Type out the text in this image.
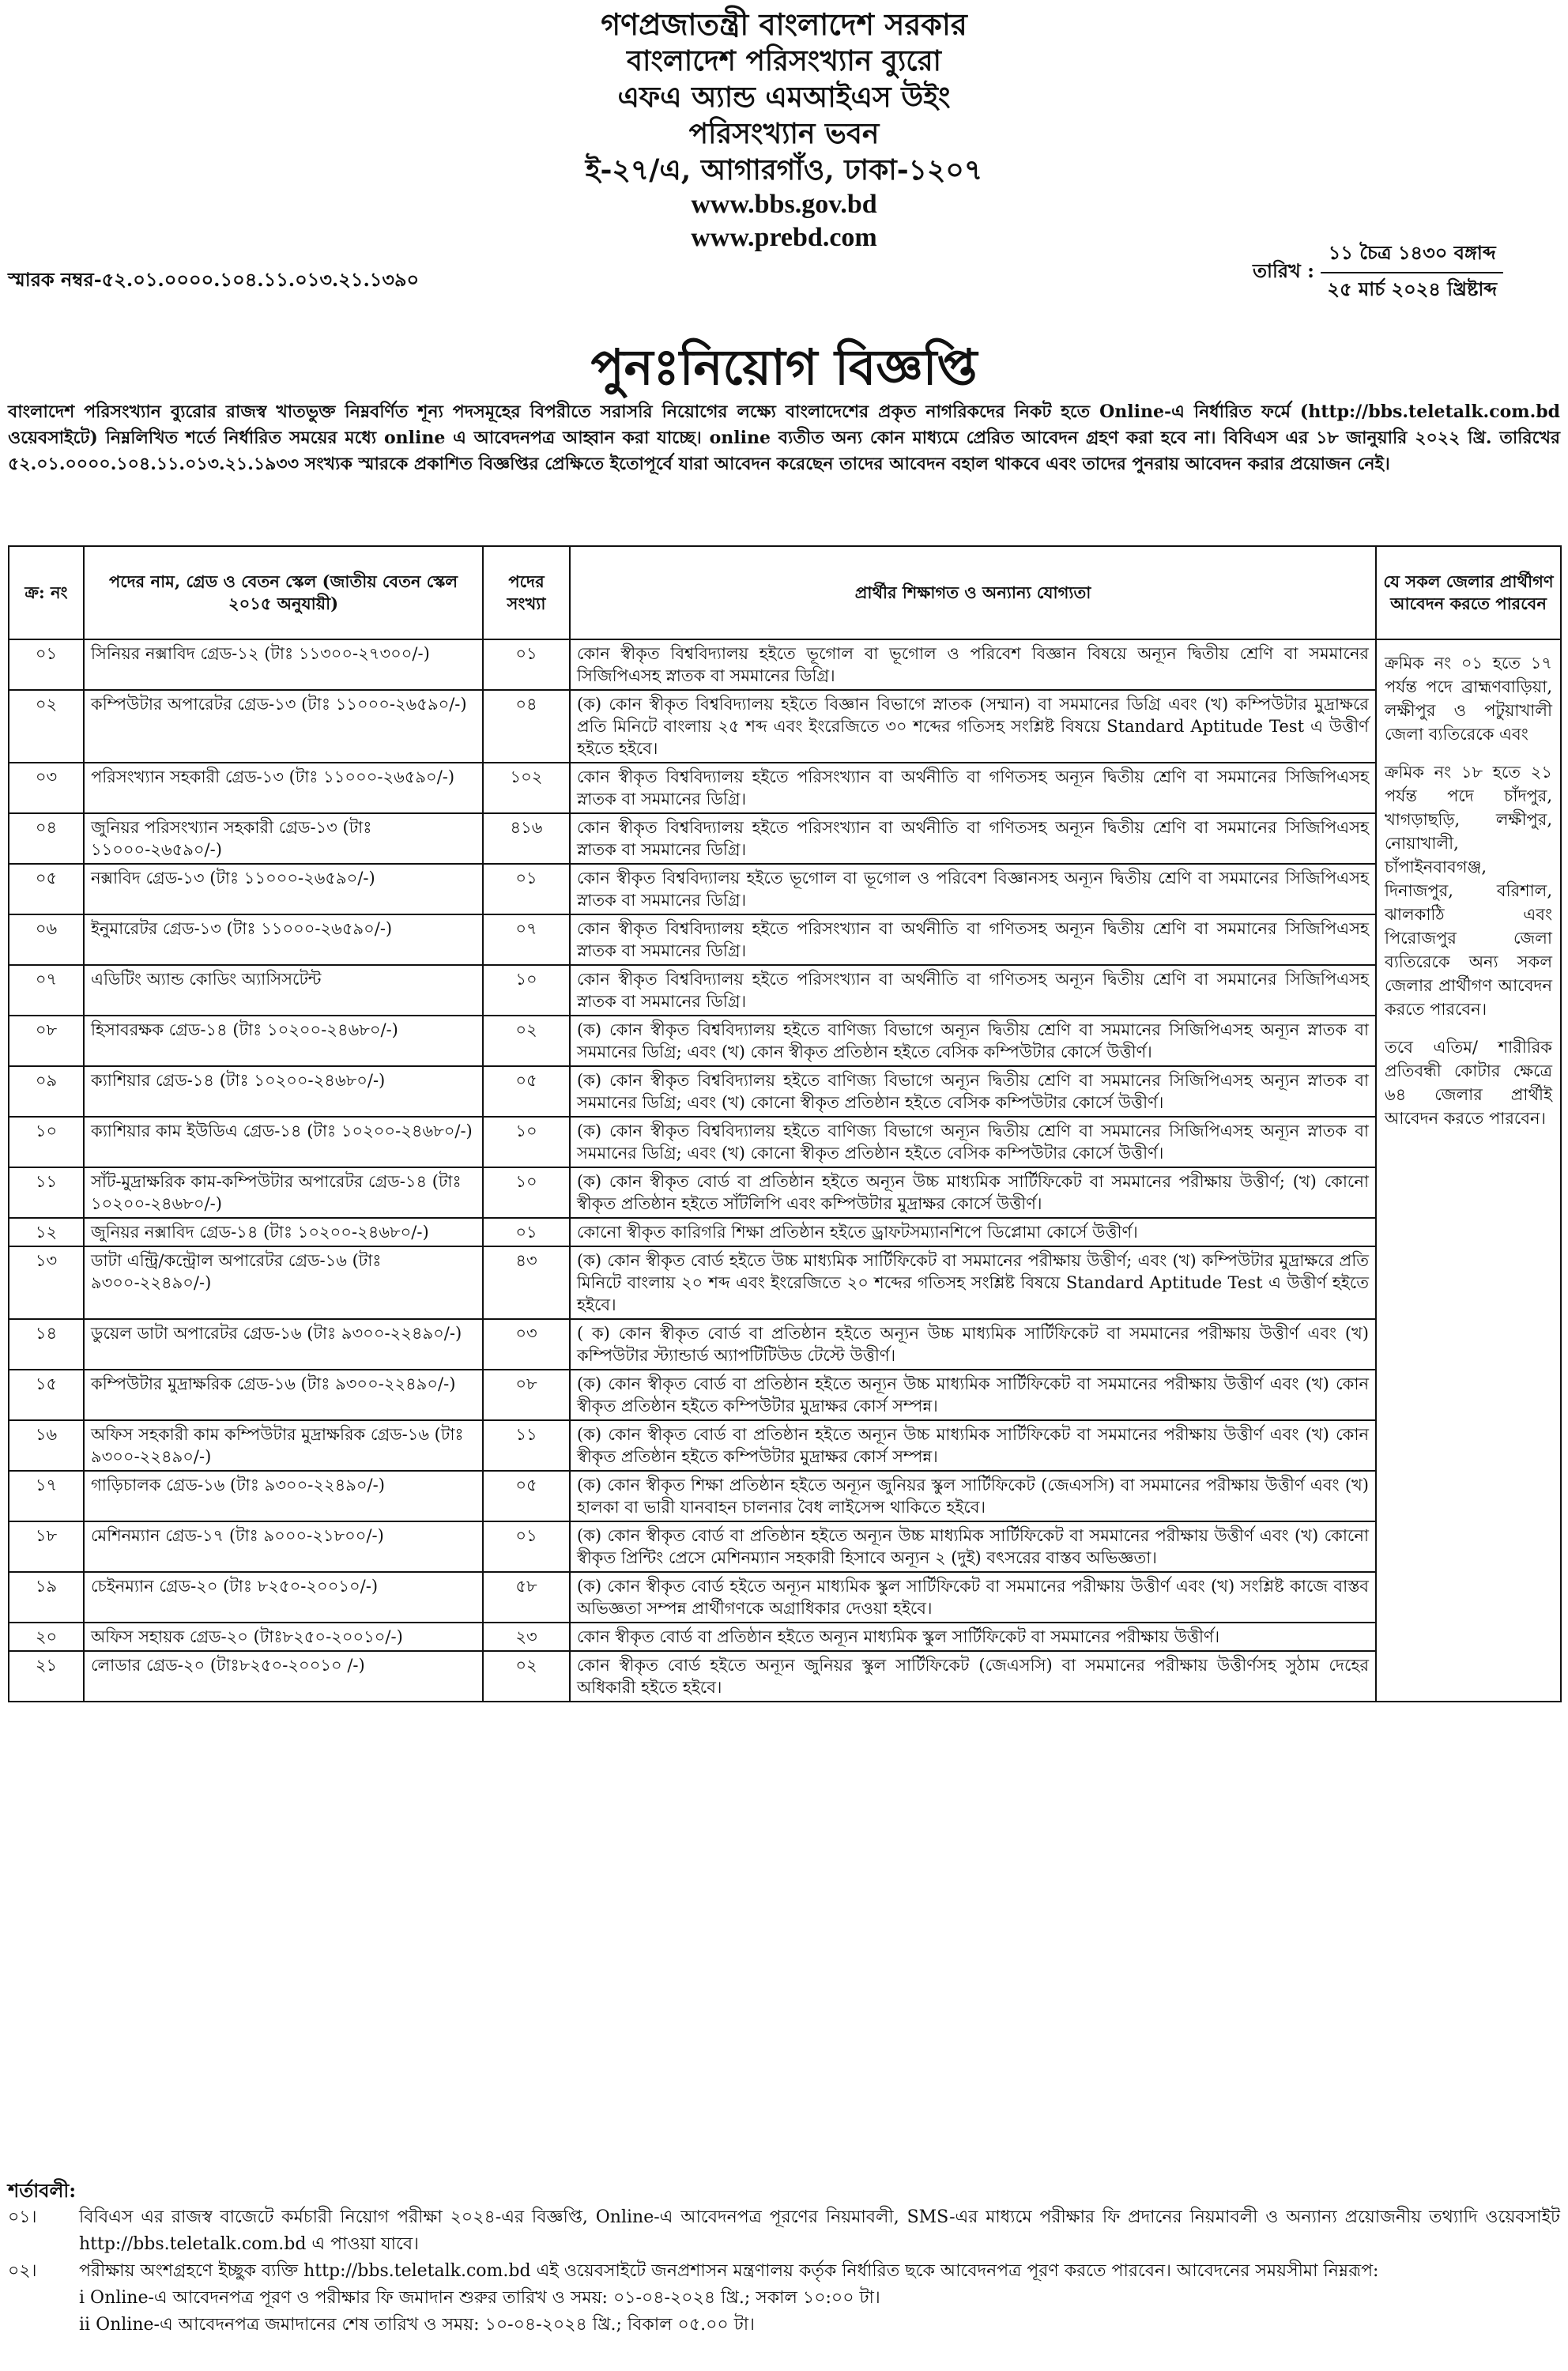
গণপ্রজাতন্ত্রী বাংলাদেশ সরকার
বাংলাদেশ পরিসংখ্যান ব্যুরো
এফএ অ্যান্ড এমআইএস উইং
পরিসংখ্যান ভবন
ই-২৭/এ, আগারগাঁও, ঢাকা-১২০৭
www.bbs.gov.bd
www.prebd.com
স্মারক নম্বর-৫২.০১.০০০০.১০৪.১১.০১৩.২১.১৩৯০	তারিখ :
১১ চৈত্র ১৪৩০ বঙ্গাব্দ
২৫ মার্চ ২০২৪ খ্রিষ্টাব্দ
পুনঃনিয়োগ বিজ্ঞপ্তি
বাংলাদেশ পরিসংখ্যান ব্যুরোর রাজস্ব খাতভুক্ত নিম্নবর্ণিত শূন্য পদসমূহের বিপরীতে সরাসরি নিয়োগের লক্ষ্যে বাংলাদেশের প্রকৃত নাগরিকদের নিকট হতে Online-এ নির্ধারিত ফর্মে (http://bbs.teletalk.com.bd ওয়েবসাইটে) নিম্নলিখিত শর্তে নির্ধারিত সময়ের মধ্যে online এ আবেদনপত্র আহ্বান করা যাচ্ছে। online ব্যতীত অন্য কোন মাধ্যমে প্রেরিত আবেদন গ্রহণ করা হবে না। বিবিএস এর ১৮ জানুয়ারি ২০২২ খ্রি. তারিখের ৫২.০১.০০০০.১০৪.১১.০১৩.২১.১৯৩৩ সংখ্যক স্মারকে প্রকাশিত বিজ্ঞপ্তির প্রেক্ষিতে ইতোপূর্বে যারা আবেদন করেছেন তাদের আবেদন বহাল থাকবে এবং তাদের পুনরায় আবেদন করার প্রয়োজন নেই।
ক্র: নং	পদের নাম, গ্রেড ও বেতন স্কেল (জাতীয় বেতন স্কেল ২০১৫ অনুযায়ী)	পদের সংখ্যা	প্রার্থীর শিক্ষাগত ও অন্যান্য যোগ্যতা	যে সকল জেলার প্রার্থীগণ আবেদন করতে পারবেন
০১	সিনিয়র নক্সাবিদ গ্রেড-১২ (টাঃ ১১৩০০-২৭৩০০/-)	০১	কোন স্বীকৃত বিশ্ববিদ্যালয় হইতে ভূগোল বা ভূগোল ও পরিবেশ বিজ্ঞান বিষয়ে অন্যূন দ্বিতীয় শ্রেণি বা সমমানের সিজিপিএসহ স্নাতক বা সমমানের ডিগ্রি।	ক্রমিক নং ০১ হতে ১৭ পর্যন্ত পদে ব্রাহ্মণবাড়িয়া, লক্ষীপুর ও পটুয়াখালী জেলা ব্যতিরেকে এবং

ক্রমিক নং ১৮ হতে ২১ পর্যন্ত পদে চাঁদপুর, খাগড়াছড়ি, লক্ষীপুর, নোয়াখালী, চাঁপাইনবাবগঞ্জ, দিনাজপুর, বরিশাল, ঝালকাঠি এবং পিরোজপুর জেলা ব্যতিরেকে অন্য সকল জেলার প্রার্থীগণ আবেদন করতে পারবেন।

তবে এতিম/ শারীরিক প্রতিবন্ধী কোটার ক্ষেত্রে ৬৪ জেলার প্রার্থীই আবেদন করতে পারবেন।

০২	কম্পিউটার অপারেটর গ্রেড-১৩ (টাঃ ১১০০০-২৬৫৯০/-)	০৪	(ক) কোন স্বীকৃত বিশ্ববিদ্যালয় হইতে বিজ্ঞান বিভাগে স্নাতক (সম্মান) বা সমমানের ডিগ্রি এবং (খ) কম্পিউটার মুদ্রাক্ষরে প্রতি মিনিটে বাংলায় ২৫ শব্দ এবং ইংরেজিতে ৩০ শব্দের গতিসহ সংশ্লিষ্ট বিষয়ে Standard Aptitude Test এ উত্তীর্ণ হইতে হইবে।	
০৩	পরিসংখ্যান সহকারী গ্রেড-১৩ (টাঃ ১১০০০-২৬৫৯০/-)	১০২	কোন স্বীকৃত বিশ্ববিদ্যালয় হইতে পরিসংখ্যান বা অর্থনীতি বা গণিতসহ অন্যূন দ্বিতীয় শ্রেণি বা সমমানের সিজিপিএসহ স্নাতক বা সমমানের ডিগ্রি।	
০৪	জুনিয়র পরিসংখ্যান সহকারী গ্রেড-১৩ (টাঃ ১১০০০-২৬৫৯০/-)	৪১৬	কোন স্বীকৃত বিশ্ববিদ্যালয় হইতে পরিসংখ্যান বা অর্থনীতি বা গণিতসহ অন্যূন দ্বিতীয় শ্রেণি বা সমমানের সিজিপিএসহ স্নাতক বা সমমানের ডিগ্রি।	
০৫	নক্সাবিদ গ্রেড-১৩ (টাঃ ১১০০০-২৬৫৯০/-)	০১	কোন স্বীকৃত বিশ্ববিদ্যালয় হইতে ভূগোল বা ভূগোল ও পরিবেশ বিজ্ঞানসহ অন্যূন দ্বিতীয় শ্রেণি বা সমমানের সিজিপিএসহ স্নাতক বা সমমানের ডিগ্রি।	
০৬	ইনুমারেটর গ্রেড-১৩ (টাঃ ১১০০০-২৬৫৯০/-)	০৭	কোন স্বীকৃত বিশ্ববিদ্যালয় হইতে পরিসংখ্যান বা অর্থনীতি বা গণিতসহ অন্যূন দ্বিতীয় শ্রেণি বা সমমানের সিজিপিএসহ স্নাতক বা সমমানের ডিগ্রি।	
০৭	এডিটিং অ্যান্ড কোডিং অ্যাসিসটেন্ট	১০	কোন স্বীকৃত বিশ্ববিদ্যালয় হইতে পরিসংখ্যান বা অর্থনীতি বা গণিতসহ অন্যূন দ্বিতীয় শ্রেণি বা সমমানের সিজিপিএসহ স্নাতক বা সমমানের ডিগ্রি।	
০৮	হিসাবরক্ষক গ্রেড-১৪ (টাঃ ১০২০০-২৪৬৮০/-)	০২	(ক) কোন স্বীকৃত বিশ্ববিদ্যালয় হইতে বাণিজ্য বিভাগে অন্যূন দ্বিতীয় শ্রেণি বা সমমানের সিজিপিএসহ অন্যূন স্নাতক বা সমমানের ডিগ্রি; এবং (খ) কোন স্বীকৃত প্রতিষ্ঠান হইতে বেসিক কম্পিউটার কোর্সে উত্তীর্ণ।	
০৯	ক্যাশিয়ার গ্রেড-১৪ (টাঃ ১০২০০-২৪৬৮০/-)	০৫	(ক) কোন স্বীকৃত বিশ্ববিদ্যালয় হইতে বাণিজ্য বিভাগে অন্যূন দ্বিতীয় শ্রেণি বা সমমানের সিজিপিএসহ অন্যূন স্নাতক বা সমমানের ডিগ্রি; এবং (খ) কোনো স্বীকৃত প্রতিষ্ঠান হইতে বেসিক কম্পিউটার কোর্সে উত্তীর্ণ।	
১০	ক্যাশিয়ার কাম ইউডিএ গ্রেড-১৪ (টাঃ ১০২০০-২৪৬৮০/-)	১০	(ক) কোন স্বীকৃত বিশ্ববিদ্যালয় হইতে বাণিজ্য বিভাগে অন্যূন দ্বিতীয় শ্রেণি বা সমমানের সিজিপিএসহ অন্যূন স্নাতক বা সমমানের ডিগ্রি; এবং (খ) কোনো স্বীকৃত প্রতিষ্ঠান হইতে বেসিক কম্পিউটার কোর্সে উত্তীর্ণ।	
১১	সাঁট-মুদ্রাক্ষরিক কাম-কম্পিউটার অপারেটর গ্রেড-১৪ (টাঃ ১০২০০-২৪৬৮০/-)	১০	(ক) কোন স্বীকৃত বোর্ড বা প্রতিষ্ঠান হইতে অন্যূন উচ্চ মাধ্যমিক সার্টিফিকেট বা সমমানের পরীক্ষায় উত্তীর্ণ; (খ) কোনো স্বীকৃত প্রতিষ্ঠান হইতে সাঁটলিপি এবং কম্পিউটার মুদ্রাক্ষর কোর্সে উত্তীর্ণ।	
১২	জুনিয়র নক্সাবিদ গ্রেড-১৪ (টাঃ ১০২০০-২৪৬৮০/-)	০১	কোনো স্বীকৃত কারিগরি শিক্ষা প্রতিষ্ঠান হইতে ড্রাফটসম্যানশিপে ডিপ্লোমা কোর্সে উত্তীর্ণ।	
১৩	ডাটা এন্ট্রি/কন্ট্রোল অপারেটর গ্রেড-১৬ (টাঃ ৯৩০০-২২৪৯০/-)	৪৩	(ক) কোন স্বীকৃত বোর্ড হইতে উচ্চ মাধ্যমিক সার্টিফিকেট বা সমমানের পরীক্ষায় উত্তীর্ণ; এবং (খ) কম্পিউটার মুদ্রাক্ষরে প্রতি মিনিটে বাংলায় ২০ শব্দ এবং ইংরেজিতে ২০ শব্দের গতিসহ সংশ্লিষ্ট বিষয়ে Standard Aptitude Test এ উত্তীর্ণ হইতে হইবে।	
১৪	ডুয়েল ডাটা অপারেটর গ্রেড-১৬ (টাঃ ৯৩০০-২২৪৯০/-)	০৩	( ক) কোন স্বীকৃত বোর্ড বা প্রতিষ্ঠান হইতে অন্যূন উচ্চ মাধ্যমিক সার্টিফিকেট বা সমমানের পরীক্ষায় উত্তীর্ণ এবং (খ) কম্পিউটার স্ট্যান্ডার্ড অ্যাপটিটিউড টেস্টে উত্তীর্ণ।	
১৫	কম্পিউটার মুদ্রাক্ষরিক গ্রেড-১৬ (টাঃ ৯৩০০-২২৪৯০/-)	০৮	(ক) কোন স্বীকৃত বোর্ড বা প্রতিষ্ঠান হইতে অন্যূন উচ্চ মাধ্যমিক সার্টিফিকেট বা সমমানের পরীক্ষায় উত্তীর্ণ এবং (খ) কোন স্বীকৃত প্রতিষ্ঠান হইতে কম্পিউটার মুদ্রাক্ষর কোর্স সম্পন্ন।	
১৬	অফিস সহকারী কাম কম্পিউটার মুদ্রাক্ষরিক গ্রেড-১৬ (টাঃ ৯৩০০-২২৪৯০/-)	১১	(ক) কোন স্বীকৃত বোর্ড বা প্রতিষ্ঠান হইতে অন্যূন উচ্চ মাধ্যমিক সার্টিফিকেট বা সমমানের পরীক্ষায় উত্তীর্ণ এবং (খ) কোন স্বীকৃত প্রতিষ্ঠান হইতে কম্পিউটার মুদ্রাক্ষর কোর্স সম্পন্ন।	
১৭	গাড়িচালক গ্রেড-১৬ (টাঃ ৯৩০০-২২৪৯০/-)	০৫	(ক) কোন স্বীকৃত শিক্ষা প্রতিষ্ঠান হইতে অন্যূন জুনিয়র স্কুল সার্টিফিকেট (জেএসসি) বা সমমানের পরীক্ষায় উত্তীর্ণ এবং (খ) হালকা বা ভারী যানবাহন চালনার বৈধ লাইসেন্স থাকিতে হইবে।	
১৮	মেশিনম্যান গ্রেড-১৭ (টাঃ ৯০০০-২১৮০০/-)	০১	(ক) কোন স্বীকৃত বোর্ড বা প্রতিষ্ঠান হইতে অন্যূন উচ্চ মাধ্যমিক সার্টিফিকেট বা সমমানের পরীক্ষায় উত্তীর্ণ এবং (খ) কোনো স্বীকৃত প্রিন্টিং প্রেসে মেশিনম্যান সহকারী হিসাবে অন্যূন ২ (দুই) বৎসরের বাস্তব অভিজ্ঞতা।	
১৯	চেইনম্যান গ্রেড-২০ (টাঃ ৮২৫০-২০০১০/-)	৫৮	(ক) কোন স্বীকৃত বোর্ড হইতে অন্যূন মাধ্যমিক স্কুল সার্টিফিকেট বা সমমানের পরীক্ষায় উত্তীর্ণ এবং (খ) সংশ্লিষ্ট কাজে বাস্তব অভিজ্ঞতা সম্পন্ন প্রার্থীগণকে অগ্রাধিকার দেওয়া হইবে।	
২০	অফিস সহায়ক গ্রেড-২০ (টাঃ৮২৫০-২০০১০/-)	২৩	কোন স্বীকৃত বোর্ড বা প্রতিষ্ঠান হইতে অন্যূন মাধ্যমিক স্কুল সার্টিফিকেট বা সমমানের পরীক্ষায় উত্তীর্ণ।	
২১	লোডার গ্রেড-২০ (টাঃ৮২৫০-২০০১০ /-)	০২	কোন স্বীকৃত বোর্ড হইতে অন্যূন জুনিয়র স্কুল সার্টিফিকেট (জেএসসি) বা সমমানের পরীক্ষায় উত্তীর্ণসহ সুঠাম দেহের অধিকারী হইতে হইবে।	
শর্তাবলী:
০১।	বিবিএস এর রাজস্ব বাজেটে কর্মচারী নিয়োগ পরীক্ষা ২০২৪-এর বিজ্ঞপ্তি, Online-এ আবেদনপত্র পূরণের নিয়মাবলী, SMS-এর মাধ্যমে পরীক্ষার ফি প্রদানের নিয়মাবলী ও অন্যান্য প্রয়োজনীয় তথ্যাদি ওয়েবসাইট http://bbs.teletalk.com.bd এ পাওয়া যাবে।
০২।	পরীক্ষায় অংশগ্রহণে ইচ্ছুক ব্যক্তি http://bbs.teletalk.com.bd এই ওয়েবসাইটে জনপ্রশাসন মন্ত্রণালয় কর্তৃক নির্ধারিত ছকে আবেদনপত্র পূরণ করতে পারবেন। আবেদনের সময়সীমা নিম্নরূপ:
i Online-এ আবেদনপত্র পূরণ ও পরীক্ষার ফি জমাদান শুরুর তারিখ ও সময়: ০১-০৪-২০২৪ খ্রি.; সকাল ১০:০০ টা।
ii Online-এ আবেদনপত্র জমাদানের শেষ তারিখ ও সময়: ১০-০৪-২০২৪ খ্রি.; বিকাল ০৫.০০ টা।
